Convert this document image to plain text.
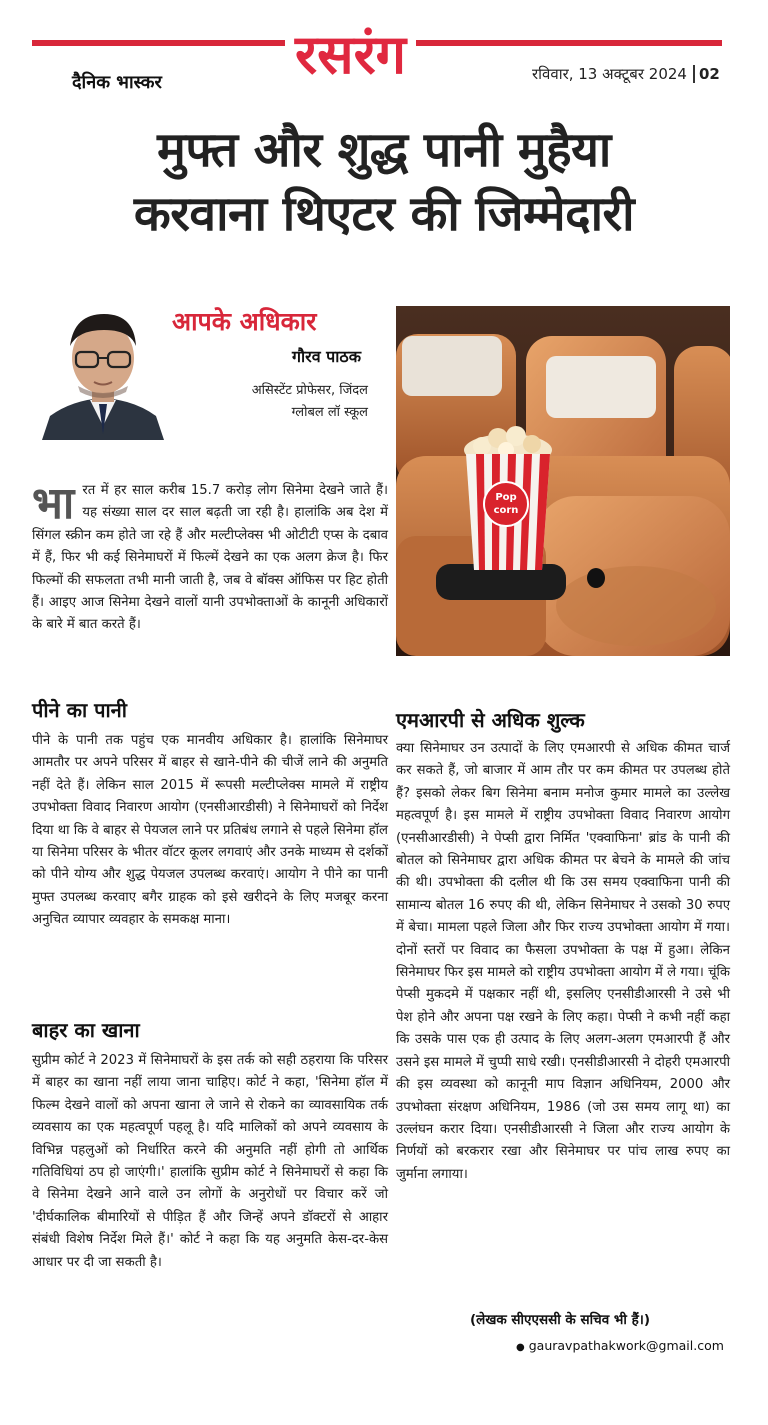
रसरंग
दैनिक भास्कर	रविवार, 13 अक्टूबर 2024 02
मुफ्त और शुद्ध पानी मुहैया
करवाना थिएटर की जिम्मेदारी
आपके अधिकार
गौरव पाठक
असिस्टेंट प्रोफेसर, जिंदल
ग्लोबल लॉ स्कूल
Pop
corn
भा रत में हर साल करीब 15.7 करोड़ लोग सिनेमा देखने जाते हैं। यह संख्या साल दर साल बढ़ती जा रही है। हालांकि अब देश में सिंगल स्क्रीन कम होते जा रहे हैं और मल्टीप्लेक्स भी ओटीटी एप्स के दबाव में हैं, फिर भी कई सिनेमाघरों में फिल्में देखने का एक अलग क्रेज है। फिर फिल्मों की सफलता तभी मानी जाती है, जब वे बॉक्स ऑफिस पर हिट होती हैं। आइए आज सिनेमा देखने वालों यानी उपभोक्ताओं के कानूनी अधिकारों के बारे में बात करते हैं।
पीने का पानी
पीने के पानी तक पहुंच एक मानवीय अधिकार है। हालांकि सिनेमाघर आमतौर पर अपने परिसर में बाहर से खाने-पीने की चीजें लाने की अनुमति नहीं देते हैं। लेकिन साल 2015 में रूपसी मल्टीप्लेक्स मामले में राष्ट्रीय उपभोक्ता विवाद निवारण आयोग (एनसीआरडीसी) ने सिनेमाघरों को निर्देश दिया था कि वे बाहर से पेयजल लाने पर प्रतिबंध लगाने से पहले सिनेमा हॉल या सिनेमा परिसर के भीतर वॉटर कूलर लगवाएं और उनके माध्यम से दर्शकों को पीने योग्य और शुद्ध पेयजल उपलब्ध करवाएं। आयोग ने पीने का पानी मुफ्त उपलब्ध करवाए बगैर ग्राहक को इसे खरीदने के लिए मजबूर करना अनुचित व्यापार व्यवहार के समकक्ष माना।
बाहर का खाना
सुप्रीम कोर्ट ने 2023 में सिनेमाघरों के इस तर्क को सही ठहराया कि परिसर में बाहर का खाना नहीं लाया जाना चाहिए। कोर्ट ने कहा, 'सिनेमा हॉल में फिल्म देखने वालों को अपना खाना ले जाने से रोकने का व्यावसायिक तर्क व्यवसाय का एक महत्वपूर्ण पहलू है। यदि मालिकों को अपने व्यवसाय के विभिन्न पहलुओं को निर्धारित करने की अनुमति नहीं होगी तो आर्थिक गतिविधियां ठप हो जाएंगी।' हालांकि सुप्रीम कोर्ट ने सिनेमाघरों से कहा कि वे सिनेमा देखने आने वाले उन लोगों के अनुरोधों पर विचार करें जो 'दीर्घकालिक बीमारियों से पीड़ित हैं और जिन्हें अपने डॉक्टरों से आहार संबंधी विशेष निर्देश मिले हैं।' कोर्ट ने कहा कि यह अनुमति केस-दर-केस आधार पर दी जा सकती है।
एमआरपी से अधिक शुल्क
क्या सिनेमाघर उन उत्पादों के लिए एमआरपी से अधिक कीमत चार्ज कर सकते हैं, जो बाजार में आम तौर पर कम कीमत पर उपलब्ध होते हैं? इसको लेकर बिग सिनेमा बनाम मनोज कुमार मामले का उल्लेख महत्वपूर्ण है। इस मामले में राष्ट्रीय उपभोक्ता विवाद निवारण आयोग (एनसीआरडीसी) ने पेप्सी द्वारा निर्मित 'एक्वाफिना' ब्रांड के पानी की बोतल को सिनेमाघर द्वारा अधिक कीमत पर बेचने के मामले की जांच की थी। उपभोक्ता की दलील थी कि उस समय एक्वाफिना पानी की सामान्य बोतल 16 रुपए की थी, लेकिन सिनेमाघर ने उसको 30 रुपए में बेचा। मामला पहले जिला और फिर राज्य उपभोक्ता आयोग में गया। दोनों स्तरों पर विवाद का फैसला उपभोक्ता के पक्ष में हुआ। लेकिन सिनेमाघर फिर इस मामले को राष्ट्रीय उपभोक्ता आयोग में ले गया। चूंकि पेप्सी मुकदमे में पक्षकार नहीं थी, इसलिए एनसीडीआरसी ने उसे भी पेश होने और अपना पक्ष रखने के लिए कहा। पेप्सी ने कभी नहीं कहा कि उसके पास एक ही उत्पाद के लिए अलग-अलग एमआरपी हैं और उसने इस मामले में चुप्पी साधे रखी। एनसीडीआरसी ने दोहरी एमआरपी की इस व्यवस्था को कानूनी माप विज्ञान अधिनियम, 2000 और उपभोक्ता संरक्षण अधिनियम, 1986 (जो उस समय लागू था) का उल्लंघन करार दिया। एनसीडीआरसी ने जिला और राज्य आयोग के निर्णयों को बरकरार रखा और सिनेमाघर पर पांच लाख रुपए का जुर्माना लगाया।
(लेखक सीएएससी के सचिव भी हैं।)
● gauravpathakwork@gmail.com
